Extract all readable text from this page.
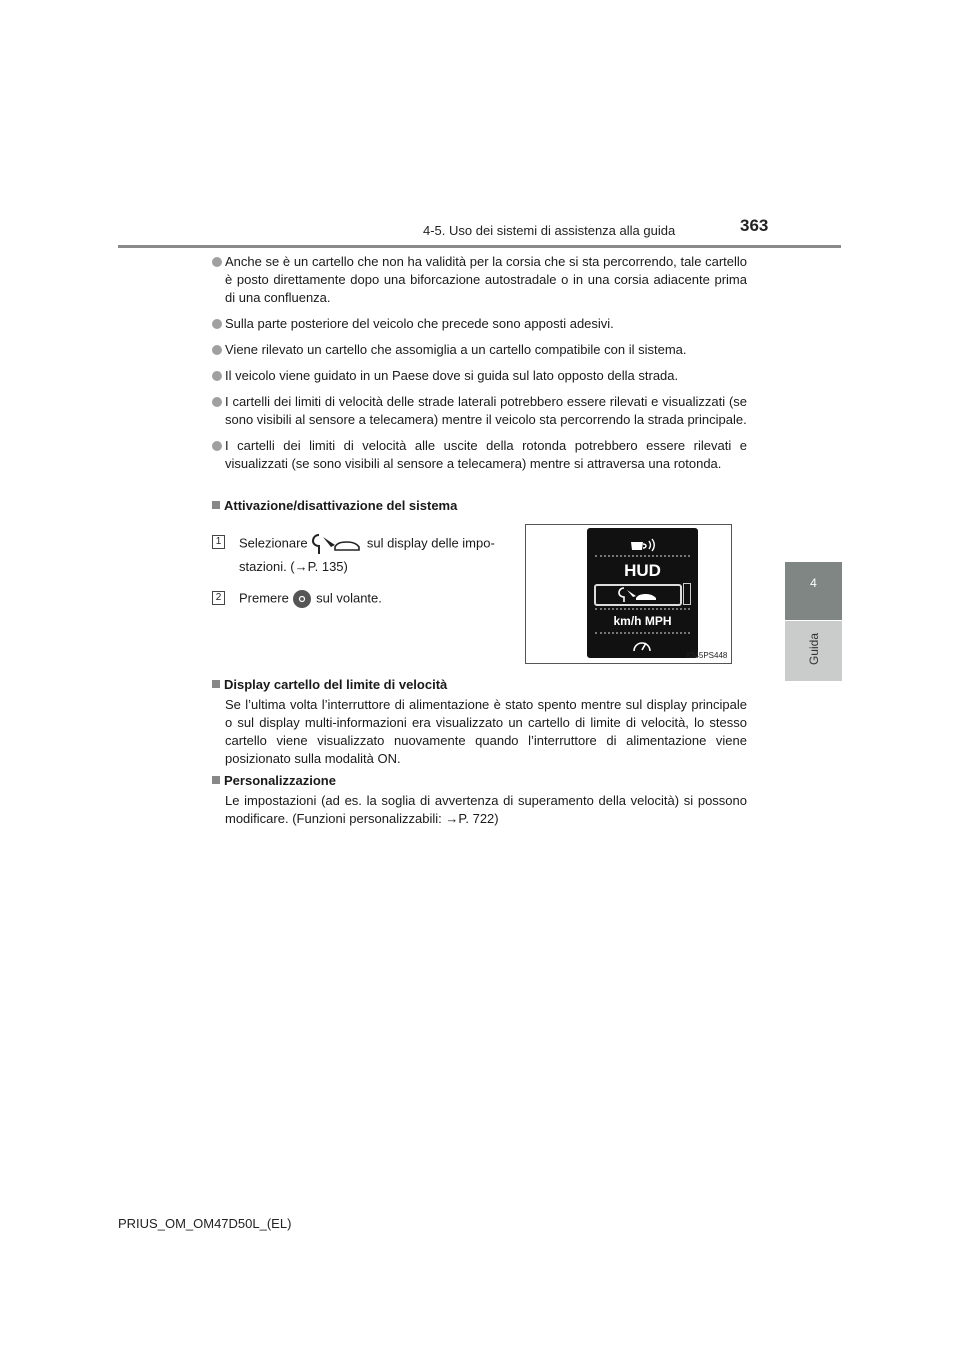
4-5. Uso dei sistemi di assistenza alla guida	363
4
Guida
Anche se è un cartello che non ha validità per la corsia che si sta percorrendo, tale cartello è posto direttamente dopo una biforcazione autostradale o in una corsia adiacente prima di una confluenza.
Sulla parte posteriore del veicolo che precede sono apposti adesivi.
Viene rilevato un cartello che assomiglia a un cartello compatibile con il sistema.
Il veicolo viene guidato in un Paese dove si guida sul lato opposto della strada.
I cartelli dei limiti di velocità delle strade laterali potrebbero essere rilevati e visualizzati (se sono visibili al sensore a telecamera) mentre il veicolo sta percorrendo la strada principale.
I cartelli dei limiti di velocità alle uscite della rotonda potrebbero essere rilevati e visualizzati (se sono visibili al sensore a telecamera) mentre si attraversa una rotonda.
Attivazione/disattivazione del sistema
1 Selezionare	sul display delle impo-
stazioni. (→P. 135)
2 Premere sul volante.
HUD
km/h MPH
IO45PS448
Display cartello del limite di velocità
Se l’ultima volta l’interruttore di alimentazione è stato spento mentre sul display principale o sul display multi-informazioni era visualizzato un cartello di limite di velocità, lo stesso cartello viene visualizzato nuovamente quando l’interruttore di alimentazione viene posizionato sulla modalità ON.
Personalizzazione
Le impostazioni (ad es. la soglia di avvertenza di superamento della velocità) si possono modificare. (Funzioni personalizzabili: →P. 722)
PRIUS_OM_OM47D50L_(EL)
